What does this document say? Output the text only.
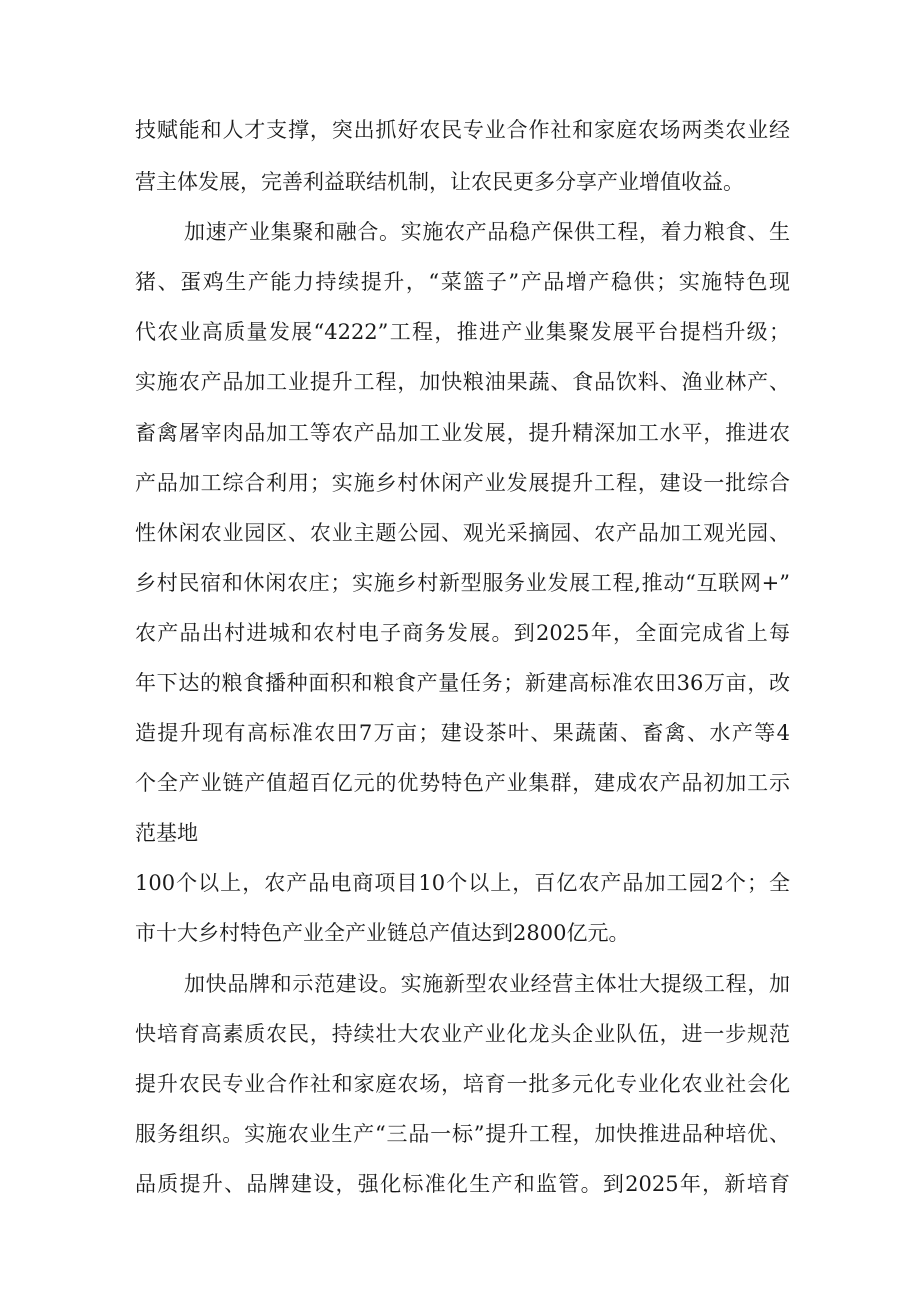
技赋能和人才支撑，突出抓好农民专业合作社和家庭农场两类农业经
营主体发展，完善利益联结机制，让农民更多分享产业增值收益。
加速产业集聚和融合。实施农产品稳产保供工程，着力粮食、生
猪、蛋鸡生产能力持续提升，“菜篮子”产品增产稳供；实施特色现
代农业高质量发展“4222”工程，推进产业集聚发展平台提档升级；
实施农产品加工业提升工程，加快粮油果蔬、食品饮料、渔业林产、
畜禽屠宰肉品加工等农产品加工业发展，提升精深加工水平，推进农
产品加工综合利用；实施乡村休闲产业发展提升工程，建设一批综合
性休闲农业园区、农业主题公园、观光采摘园、农产品加工观光园、
乡村民宿和休闲农庄；实施乡村新型服务业发展工程,推动“互联网+”
农产品出村进城和农村电子商务发展。到2025年，全面完成省上每
年下达的粮食播种面积和粮食产量任务；新建高标准农田36万亩，改
造提升现有高标准农田7万亩；建设茶叶、果蔬菌、畜禽、水产等4
个全产业链产值超百亿元的优势特色产业集群，建成农产品初加工示
范基地
100个以上，农产品电商项目10个以上，百亿农产品加工园2个；全
市十大乡村特色产业全产业链总产值达到2800亿元。
加快品牌和示范建设。实施新型农业经营主体壮大提级工程，加
快培育高素质农民，持续壮大农业产业化龙头企业队伍，进一步规范
提升农民专业合作社和家庭农场，培育一批多元化专业化农业社会化
服务组织。实施农业生产“三品一标”提升工程，加快推进品种培优、
品质提升、品牌建设，强化标准化生产和监管。到2025年，新培育
